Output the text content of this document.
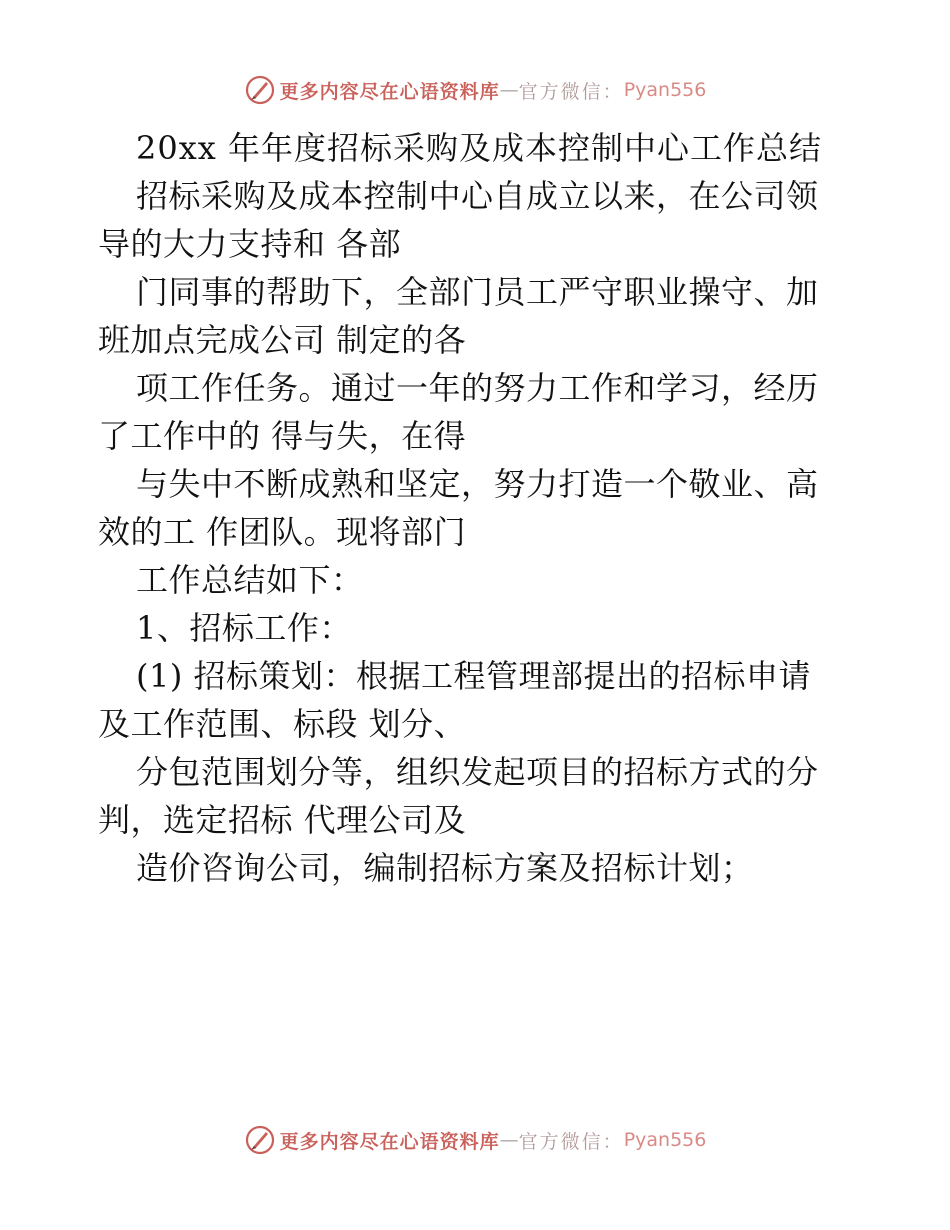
更多内容尽在心语资料库 — 官方微信： Pyan556
20xx 年年度招标采购及成本控制中心工作总结
招标采购及成本控制中心自成立以来，在公司领
导的大力支持和 各部
门同事的帮助下，全部门员工严守职业操守、加
班加点完成公司 制定的各
项工作任务。通过一年的努力工作和学习，经历
了工作中的 得与失，在得
与失中不断成熟和坚定，努力打造一个敬业、高
效的工 作团队。现将部门
工作总结如下：
1、招标工作：
(1) 招标策划：根据工程管理部提出的招标申请
及工作范围、标段 划分、
分包范围划分等，组织发起项目的招标方式的分
判，选定招标 代理公司及
造价咨询公司，编制招标方案及招标计划；
更多内容尽在心语资料库 — 官方微信： Pyan556
